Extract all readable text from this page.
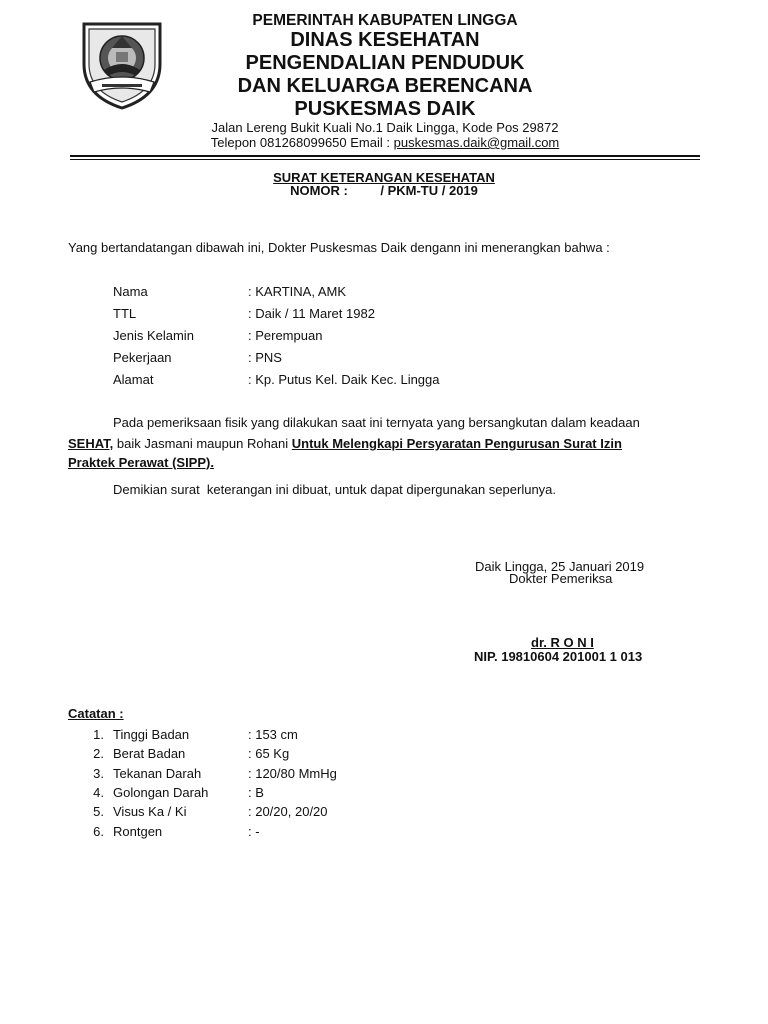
PEMERINTAH KABUPATEN LINGGA
DINAS KESEHATAN
PENGENDALIAN PENDUDUK
DAN KELUARGA BERENCANA
PUSKESMAS DAIK
Jalan Lereng Bukit Kuali No.1 Daik Lingga, Kode Pos 29872
Telepon 081268099650 Email : puskesmas.daik@gmail.com
SURAT KETERANGAN KESEHATAN
NOMOR :         / PKM-TU / 2019
Yang bertandatangan dibawah ini, Dokter Puskesmas Daik dengann ini menerangkan bahwa :
Nama	: KARTINA, AMK
TTL	: Daik / 11 Maret 1982
Jenis Kelamin	: Perempuan
Pekerjaan	: PNS
Alamat	: Kp. Putus Kel. Daik Kec. Lingga
Pada pemeriksaan fisik yang dilakukan saat ini ternyata yang bersangkutan dalam keadaan
SEHAT, baik Jasmani maupun Rohani Untuk Melengkapi Persyaratan Pengurusan Surat Izin
Praktek Perawat (SIPP).
Demikian surat  keterangan ini dibuat, untuk dapat dipergunakan seperlunya.
Daik Lingga, 25 Januari 2019
Dokter Pemeriksa
dr. R O N I
NIP. 19810604 201001 1 013
Catatan :
1. Tinggi Badan	: 153 cm
2. Berat Badan	: 65 Kg
3. Tekanan Darah	: 120/80 MmHg
4. Golongan Darah	: B
5. Visus Ka / Ki	: 20/20, 20/20
6. Rontgen	: -
